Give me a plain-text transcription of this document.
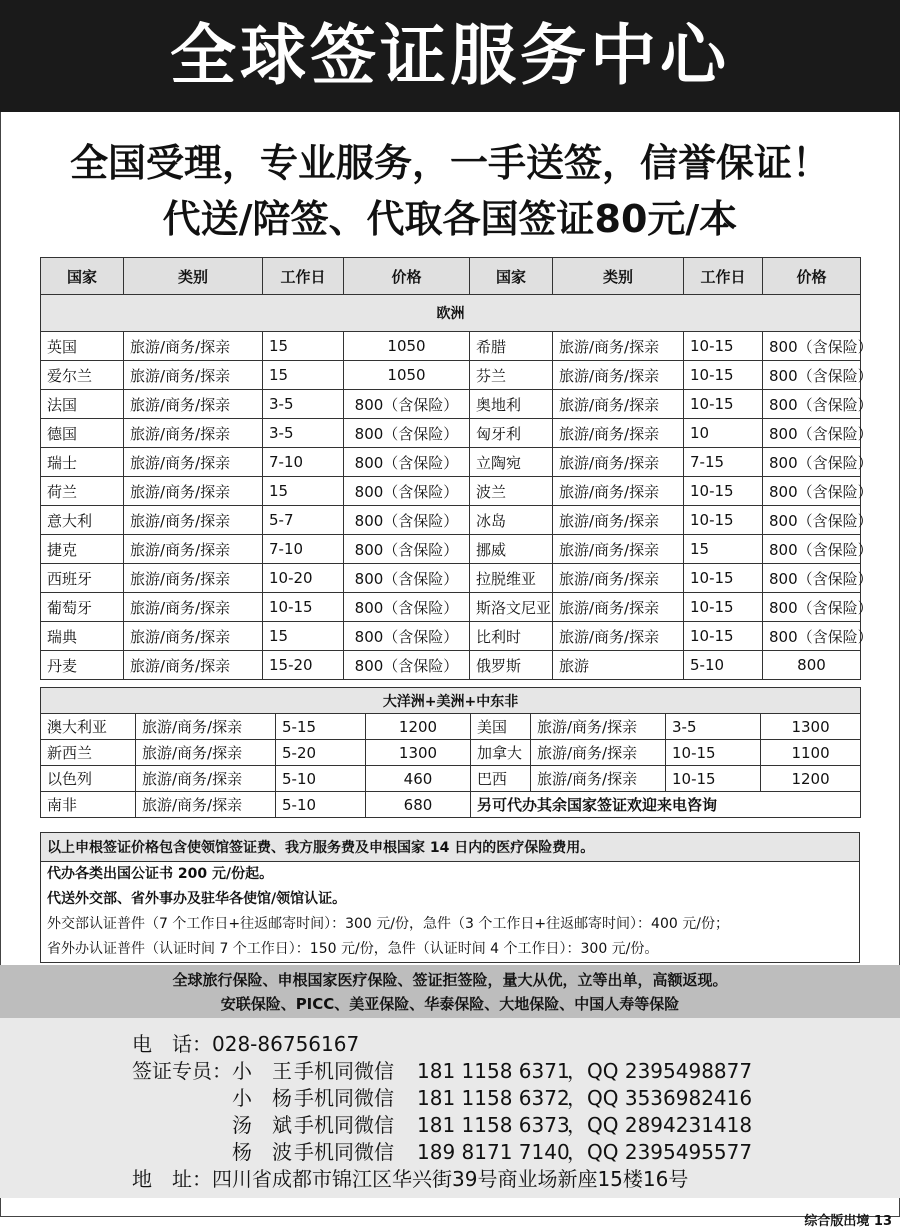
全球签证服务中心
全国受理，专业服务，一手送签，信誉保证！
代送/陪签、代取各国签证80元/本
国家	类别	工作日	价格	国家	类别	工作日	价格
欧洲							
英国	旅游/商务/探亲	15	1050	希腊	旅游/商务/探亲	10-15	800（含保险）
爱尔兰	旅游/商务/探亲	15	1050	芬兰	旅游/商务/探亲	10-15	800（含保险）
法国	旅游/商务/探亲	3-5	800（含保险）	奥地利	旅游/商务/探亲	10-15	800（含保险）
德国	旅游/商务/探亲	3-5	800（含保险）	匈牙利	旅游/商务/探亲	10	800（含保险）
瑞士	旅游/商务/探亲	7-10	800（含保险）	立陶宛	旅游/商务/探亲	7-15	800（含保险）
荷兰	旅游/商务/探亲	15	800（含保险）	波兰	旅游/商务/探亲	10-15	800（含保险）
意大利	旅游/商务/探亲	5-7	800（含保险）	冰岛	旅游/商务/探亲	10-15	800（含保险）
捷克	旅游/商务/探亲	7-10	800（含保险）	挪威	旅游/商务/探亲	15	800（含保险）
西班牙	旅游/商务/探亲	10-20	800（含保险）	拉脱维亚	旅游/商务/探亲	10-15	800（含保险）
葡萄牙	旅游/商务/探亲	10-15	800（含保险）	斯洛文尼亚	旅游/商务/探亲	10-15	800（含保险）
瑞典	旅游/商务/探亲	15	800（含保险）	比利时	旅游/商务/探亲	10-15	800（含保险）
丹麦	旅游/商务/探亲	15-20	800（含保险）	俄罗斯	旅游	5-10	800
大洋洲+美洲+中东非							
澳大利亚	旅游/商务/探亲	5-15	1200	美国	旅游/商务/探亲	3-5	1300
新西兰	旅游/商务/探亲	5-20	1300	加拿大	旅游/商务/探亲	10-15	1100
以色列	旅游/商务/探亲	5-10	460	巴西	旅游/商务/探亲	10-15	1200
南非	旅游/商务/探亲	5-10	680	另可代办其余国家签证欢迎来电咨询			
以上申根签证价格包含使领馆签证费、我方服务费及申根国家 14 日内的医疗保险费用。
代办各类出国公证书 200 元/份起。
代送外交部、省外事办及驻华各使馆/领馆认证。
外交部认证普件（7 个工作日+往返邮寄时间）：300 元/份，急件（3 个工作日+往返邮寄时间）：400 元/份；
省外办认证普件（认证时间 7 个工作日）：150 元/份，急件（认证时间 4 个工作日）：300 元/份。
全球旅行保险、申根国家医疗保险、签证拒签险，量大从优，立等出单，高额返现。
安联保险、PICC、美亚保险、华泰保险、大地保险、中国人寿等保险
电　话：028-86756167
签证专员： 小　王 手机同微信 181 1158 6371，QQ 2395498877
小　杨 手机同微信 181 1158 6372，QQ 3536982416
汤　斌 手机同微信 181 1158 6373，QQ 2894231418
杨　波 手机同微信 189 8171 7140，QQ 2395495577
地　址：四川省成都市锦江区华兴街39号商业场新座15楼16号
综合版出境 13
